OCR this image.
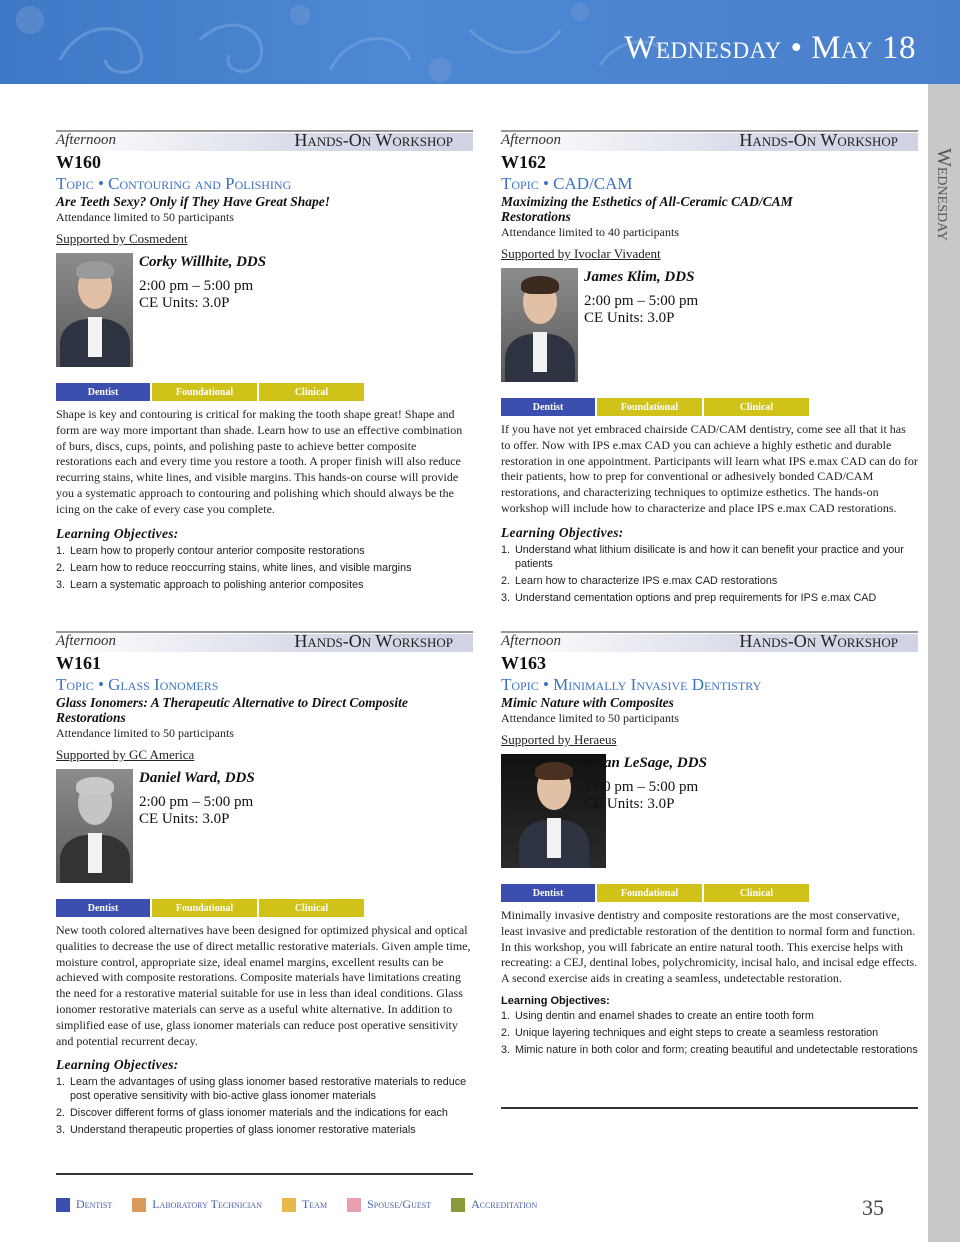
Wednesday • May 18
Wednesday
Afternoon	Hands-On Workshop
W160
Topic • Contouring and Polishing
Are Teeth Sexy? Only if They Have Great Shape!
Attendance limited to 50 participants
Supported by Cosmedent
Corky Willhite, DDS
2:00 pm – 5:00 pm
CE Units: 3.0P
Dentist	Foundational	Clinical
Shape is key and contouring is critical for making the tooth shape great! Shape and form are way more important than shade. Learn how to use an effective combination of burs, discs, cups, points, and polishing paste to achieve better composite restorations each and every time you restore a tooth. A proper finish will also reduce recurring stains, white lines, and visible margins. This hands-on course will provide you a systematic approach to contouring and polishing which should always be the icing on the cake of every case you complete.
Learning Objectives:
1. Learn how to properly contour anterior composite restorations
2. Learn how to reduce reoccurring stains, white lines, and visible margins
3. Learn a systematic approach to polishing anterior composites
Afternoon	Hands-On Workshop
W162
Topic • CAD/CAM
Maximizing the Esthetics of All-Ceramic CAD/CAM Restorations
Attendance limited to 40 participants
Supported by Ivoclar Vivadent
James Klim, DDS
2:00 pm – 5:00 pm
CE Units: 3.0P
Dentist	Foundational	Clinical
If you have not yet embraced chairside CAD/CAM dentistry, come see all that it has to offer. Now with IPS e.max CAD you can achieve a highly esthetic and durable restoration in one appointment. Participants will learn what IPS e.max CAD can do for their patients, how to prep for conventional or adhesively bonded CAD/CAM restorations, and characterizing techniques to optimize esthetics. The hands-on workshop will include how to characterize and place IPS e.max CAD restorations.
Learning Objectives:
1. Understand what lithium disilicate is and how it can benefit your practice and your patients
2. Learn how to characterize IPS e.max CAD restorations
3. Understand cementation options and prep requirements for IPS e.max CAD
Afternoon	Hands-On Workshop
W161
Topic • Glass Ionomers
Glass Ionomers: A Therapeutic Alternative to Direct Composite Restorations
Attendance limited to 50 participants
Supported by GC America
Daniel Ward, DDS
2:00 pm – 5:00 pm
CE Units: 3.0P
Dentist	Foundational	Clinical
New tooth colored alternatives have been designed for optimized physical and optical qualities to decrease the use of direct metallic restorative materials. Given ample time, moisture control, appropriate size, ideal enamel margins, excellent results can be achieved with composite restorations. Composite materials have limitations creating the need for a restorative material suitable for use in less than ideal conditions. Glass ionomer restorative materials can serve as a useful white alternative. In addition to simplified ease of use, glass ionomer materials can reduce post operative sensitivity and potential recurrent decay.
Learning Objectives:
1. Learn the advantages of using glass ionomer based restorative materials to reduce post operative sensitivity with bio-active glass ionomer materials
2. Discover different forms of glass ionomer materials and the indications for each
3. Understand therapeutic properties of glass ionomer restorative materials
Afternoon	Hands-On Workshop
W163
Topic • Minimally Invasive Dentistry
Mimic Nature with Composites
Attendance limited to 50 participants
Supported by Heraeus
Brian LeSage, DDS
2:00 pm – 5:00 pm
CE Units: 3.0P
Dentist	Foundational	Clinical
Minimally invasive dentistry and composite restorations are the most conservative, least invasive and predictable restoration of the dentition to normal form and function. In this workshop, you will fabricate an entire natural tooth. This exercise helps with recreating: a CEJ, dentinal lobes, polychromicity, incisal halo, and incisal edge effects. A second exercise aids in creating a seamless, undetectable restoration.
Learning Objectives:
1. Using dentin and enamel shades to create an entire tooth form
2. Unique layering techniques and eight steps to create a seamless restoration
3. Mimic nature in both color and form; creating beautiful and undetectable restorations
Dentist	Laboratory Technician	Team	Spouse/Guest	Accreditation	35
